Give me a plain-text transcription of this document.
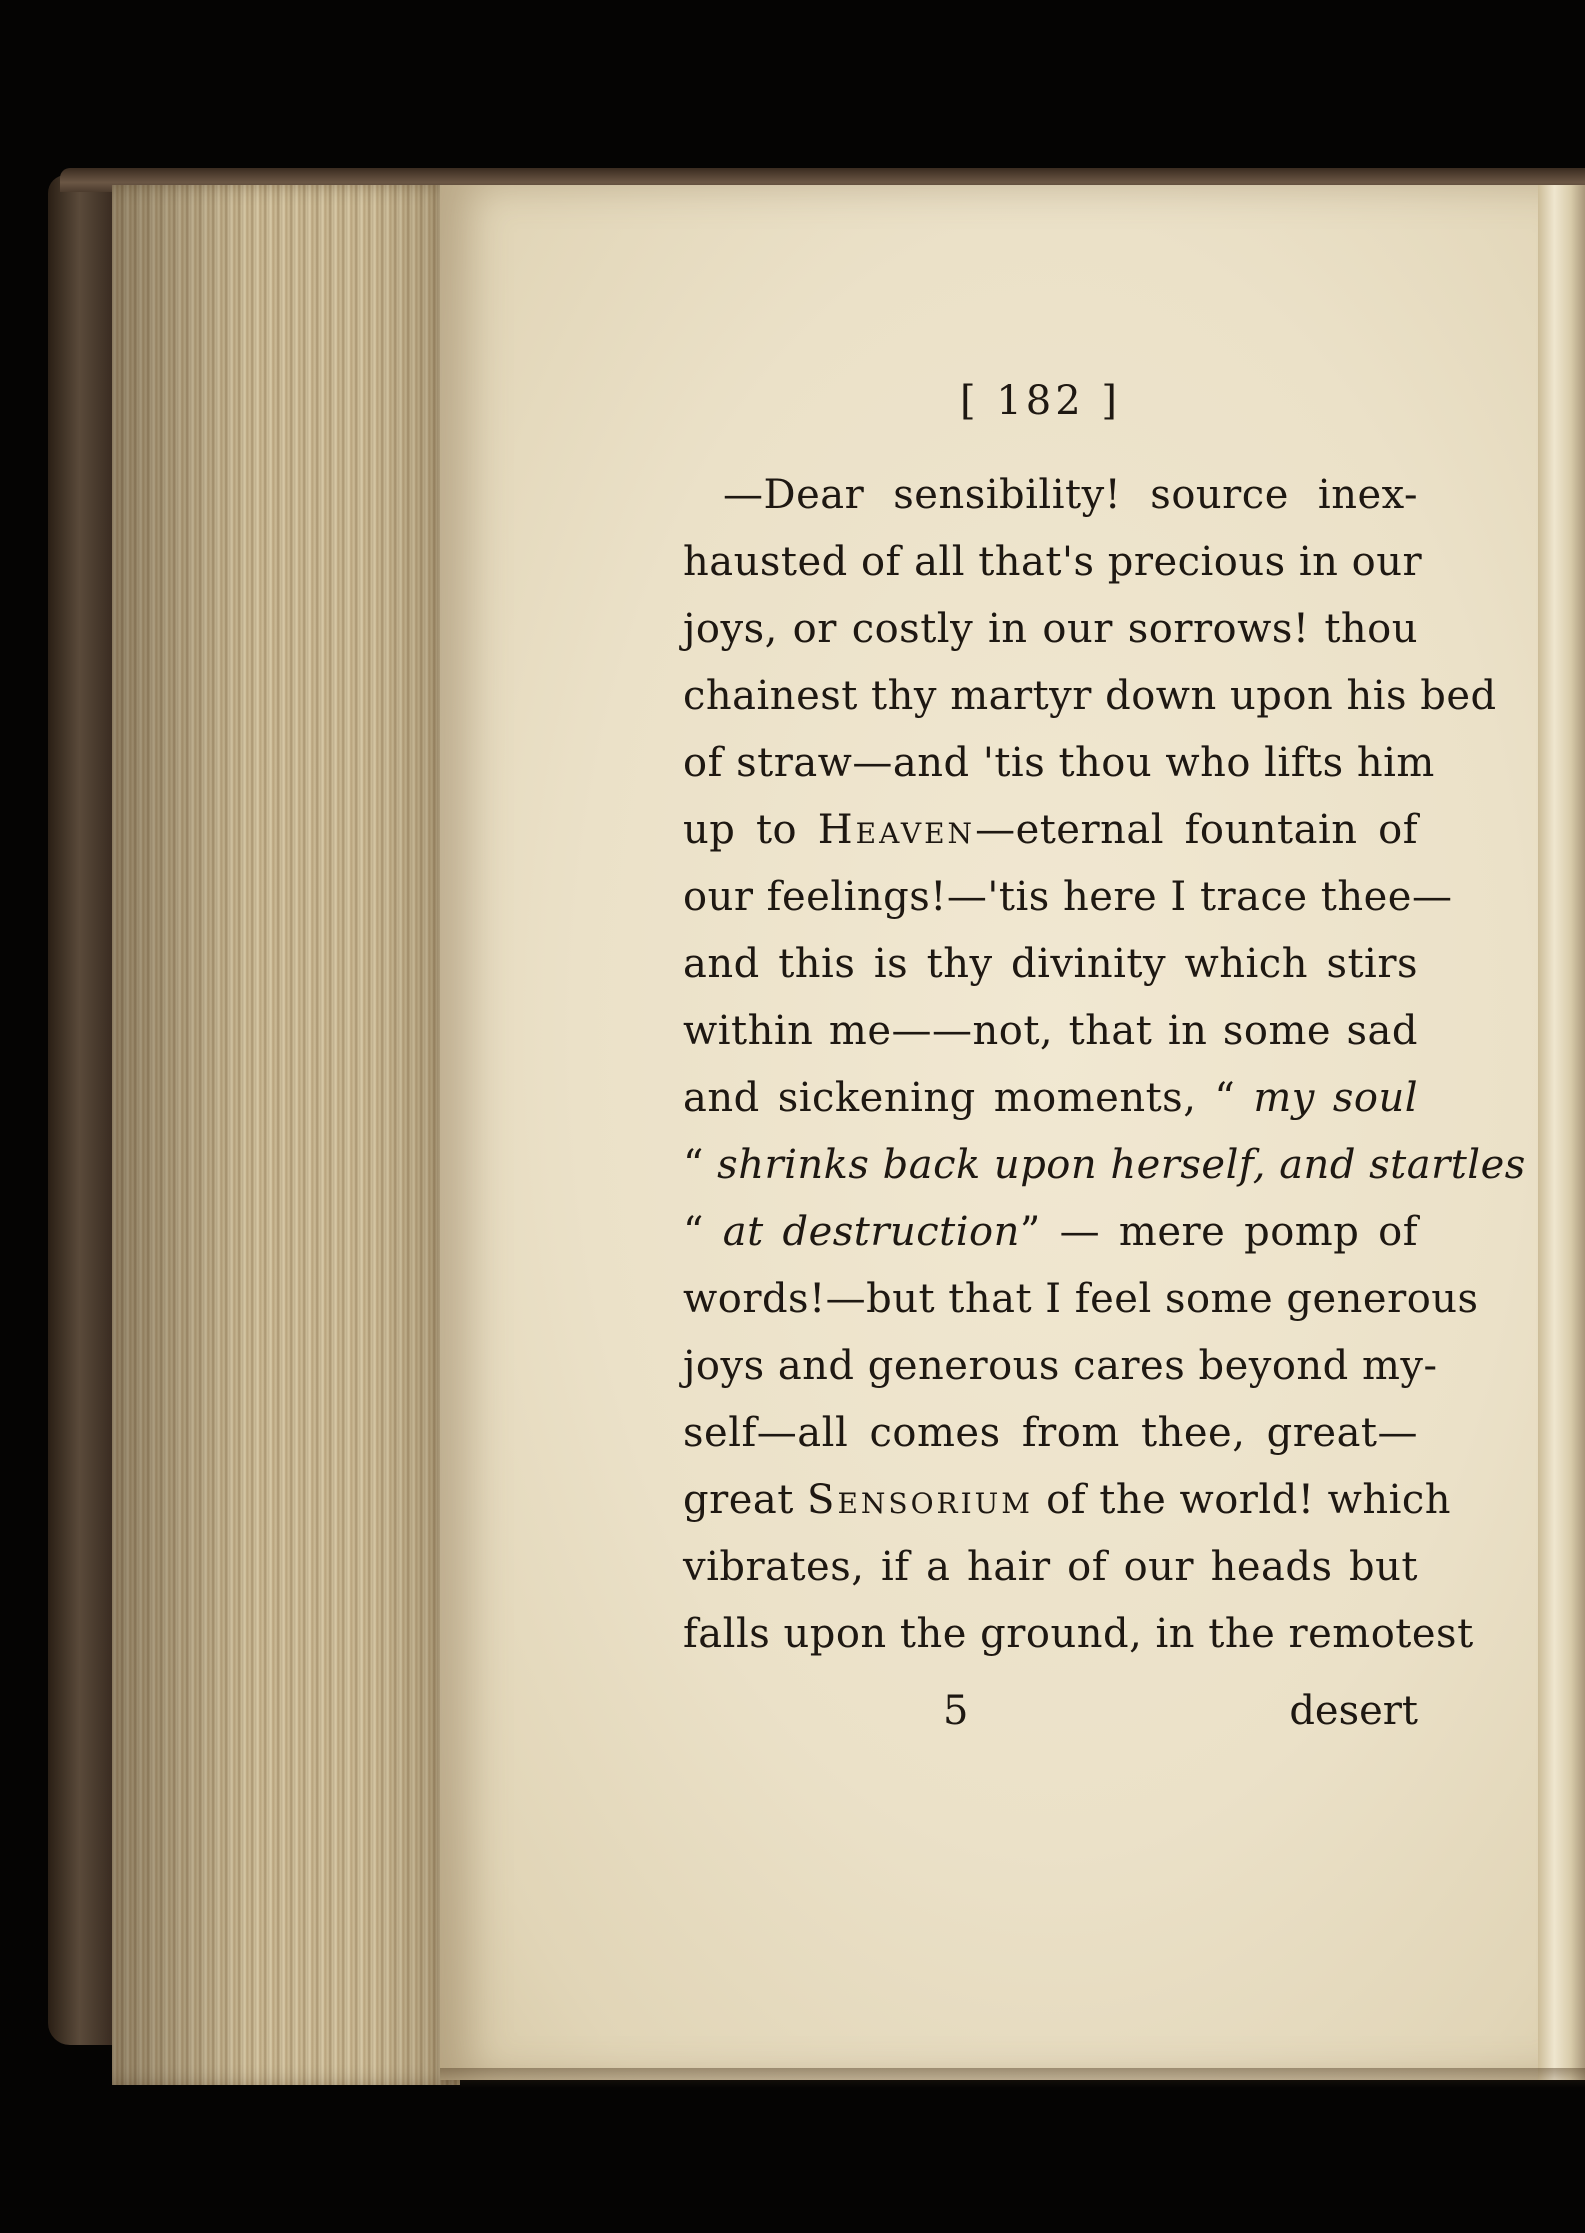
[ 182 ]
—Dear sensibility! source inex-
hausted of all that's precious in our
joys, or costly in our sorrows! thou
chainest thy martyr down upon his bed
of straw—and 'tis thou who lifts him
up to Heaven—eternal fountain of
our feelings!—'tis here I trace thee—
and this is thy divinity which stirs
within me——not, that in some sad
and sickening moments, “ my soul
“ shrinks back upon herself, and startles
“ at destruction” — mere pomp of
words!—but that I feel some generous
joys and generous cares beyond my-
self—all comes from thee, great—
great Sensorium of the world! which
vibrates, if a hair of our heads but
falls upon the ground, in the remotest
5	desert
